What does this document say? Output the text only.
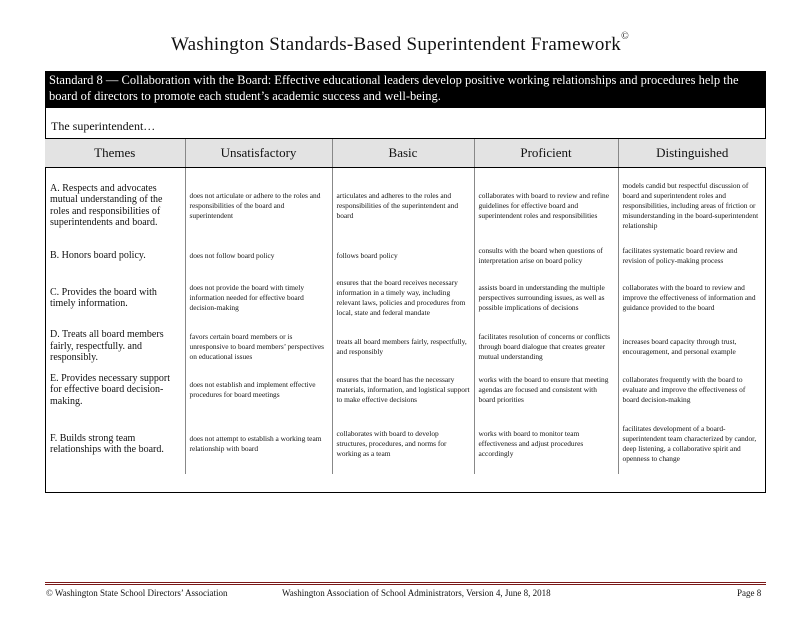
Washington Standards-Based Superintendent Framework©
Standard 8 — Collaboration with the Board: Effective educational leaders develop positive working relationships and procedures help the board of directors to promote each student’s academic success and well-being.
The superintendent…
Themes	Unsatisfactory	Basic	Proficient	Distinguished
A. Respects and advocates mutual understanding of the roles and responsibilities of superintendents and board.	does not articulate or adhere to the roles and responsibilities of the board and superintendent	articulates and adheres to the roles and responsibilities of the superintendent and board	collaborates with board to review and refine guidelines for effective board and superintendent roles and responsibilities	models candid but respectful discussion of board and superintendent roles and responsibilities, including areas of friction or misunderstanding in the board-superintendent relationship
B. Honors board policy.	does not follow board policy	follows board policy	consults with the board when questions of interpretation arise on board policy	facilitates systematic board review and revision of policy-making process
C. Provides the board with timely information.	does not provide the board with timely information needed for effective board decision-making	ensures that the board receives necessary information in a timely way, including relevant laws, policies and procedures from local, state and federal mandate	assists board in understanding the multiple perspectives surrounding issues, as well as possible implications of decisions	collaborates with the board to review and improve the effectiveness of information and guidance provided to the board
D. Treats all board members fairly, respectfully. and responsibly.	favors certain board members or is unresponsive to board members’ perspectives on educational issues	treats all board members fairly, respectfully, and responsibly	facilitates resolution of concerns or conflicts through board dialogue that creates greater mutual understanding	increases board capacity through trust, encouragement, and personal example
E. Provides necessary support for effective board decision-making.	does not establish and implement effective procedures for board meetings	ensures that the board has the necessary materials, information, and logistical support to make effective decisions	works with the board to ensure that meeting agendas are focused and consistent with board priorities	collaborates frequently with the board to evaluate and improve the effectiveness of board decision-making
F. Builds strong team relationships with the board.	does not attempt to establish a working team relationship with board	collaborates with board to develop structures, procedures, and norms for working as a team	works with board to monitor team effectiveness and adjust procedures accordingly	facilitates development of a board-superintendent team characterized by candor, deep listening, a collaborative spirit and openness to change
© Washington State School Directors’ Association	Washington Association of School Administrators, Version 4, June 8, 2018	Page 8
